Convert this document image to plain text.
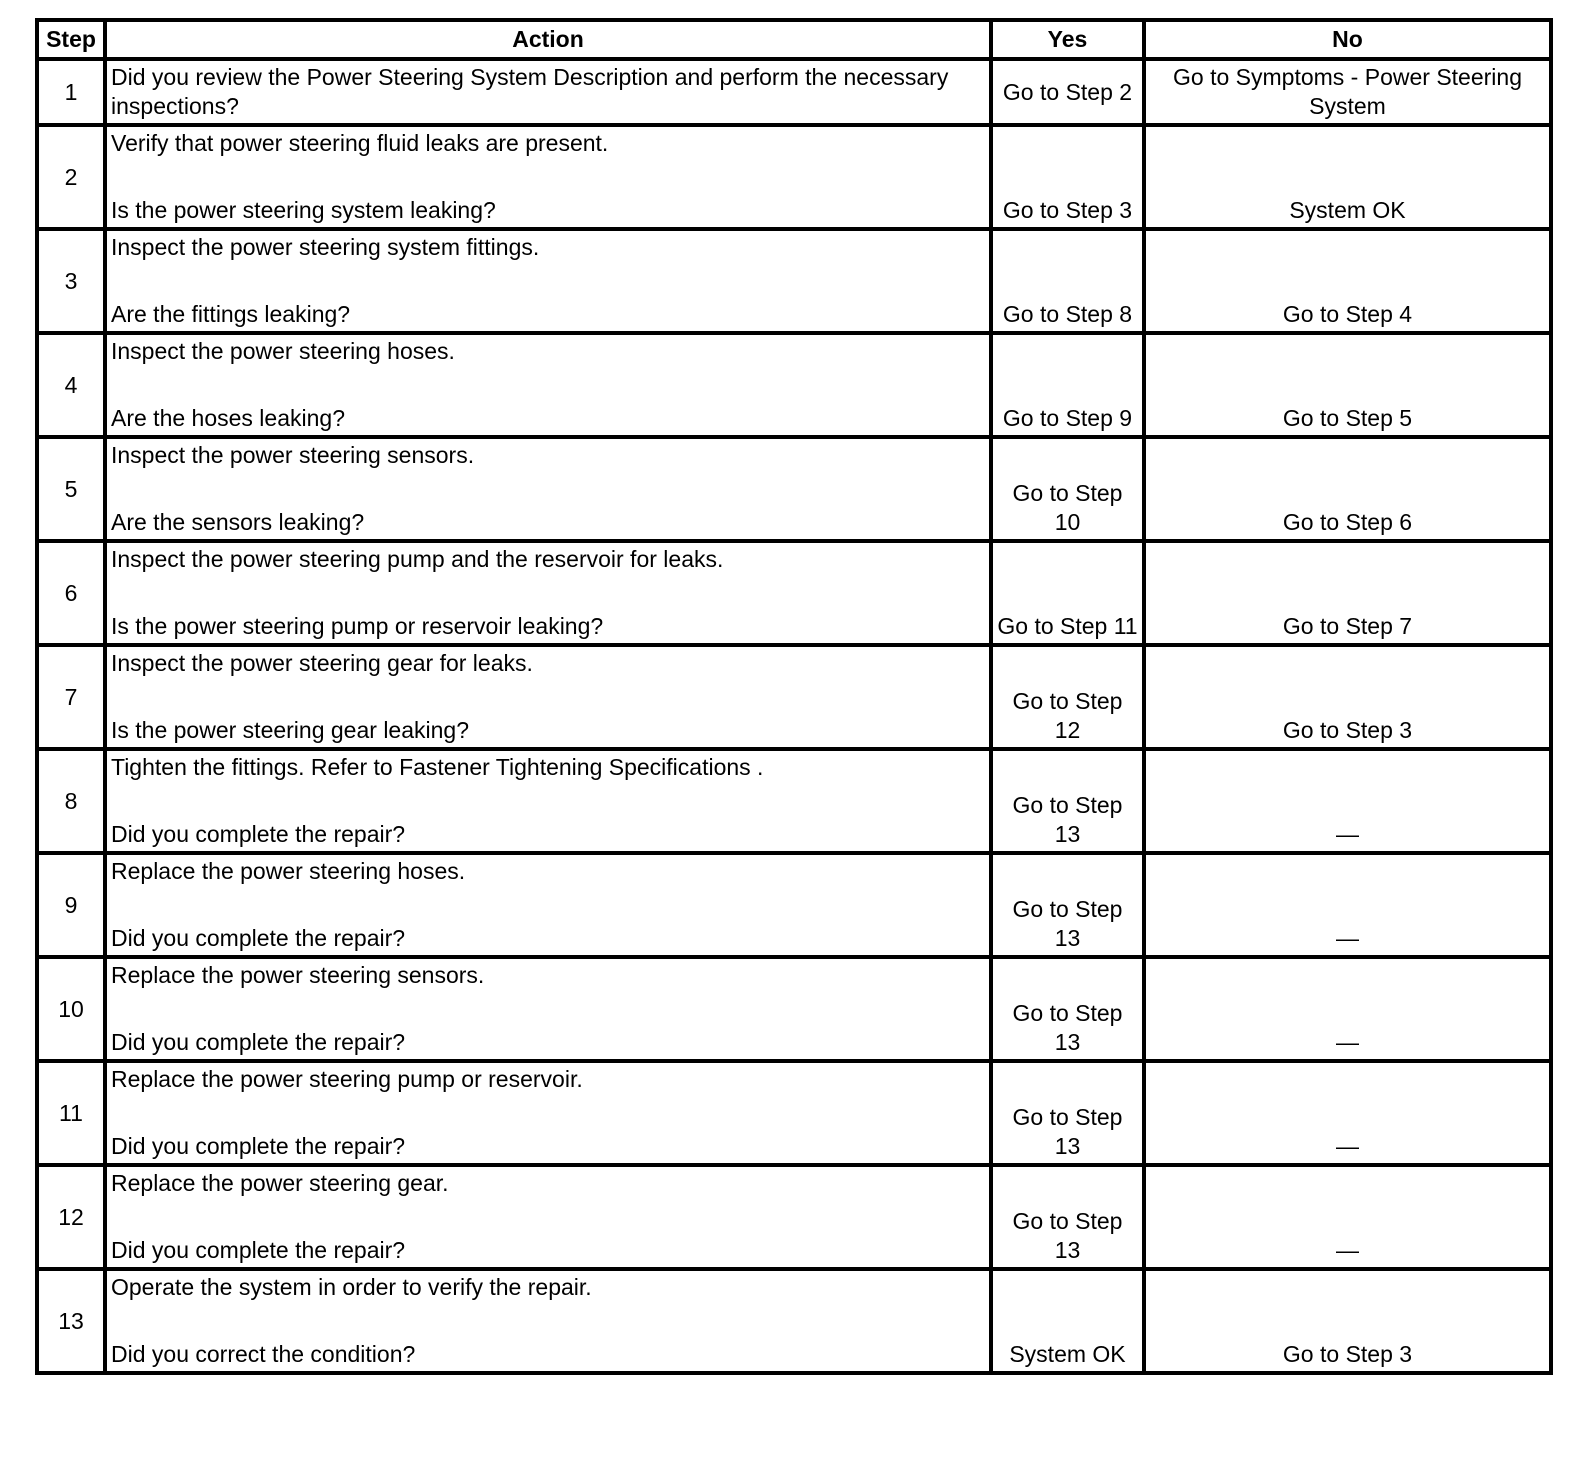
Step	Action	Yes	No
1	Did you review the Power Steering System Description and perform the necessary inspections?	Go to Step 2	Go to Symptoms - Power Steering System
2	Verify that power steering fluid leaks are present.
Is the power steering system leaking?	Go to Step 3	System OK

3	Inspect the power steering system fittings.
Are the fittings leaking?	Go to Step 8	Go to Step 4

4	Inspect the power steering hoses.
Are the hoses leaking?	Go to Step 9	Go to Step 5

5	Inspect the power steering sensors.
Are the sensors leaking?	Go to Step 10	Go to Step 6

6	Inspect the power steering pump and the reservoir for leaks.
Is the power steering pump or reservoir leaking?	Go to Step 11	Go to Step 7

7	Inspect the power steering gear for leaks.
Is the power steering gear leaking?	Go to Step 12	Go to Step 3

8	Tighten the fittings. Refer to Fastener Tightening Specifications .
Did you complete the repair?	Go to Step 13	—

9	Replace the power steering hoses.
Did you complete the repair?	Go to Step 13	—

10	Replace the power steering sensors.
Did you complete the repair?	Go to Step 13	—

11	Replace the power steering pump or reservoir.
Did you complete the repair?	Go to Step 13	—

12	Replace the power steering gear.
Did you complete the repair?	Go to Step 13	—

13	Operate the system in order to verify the repair.
Did you correct the condition?	System OK	Go to Step 3
